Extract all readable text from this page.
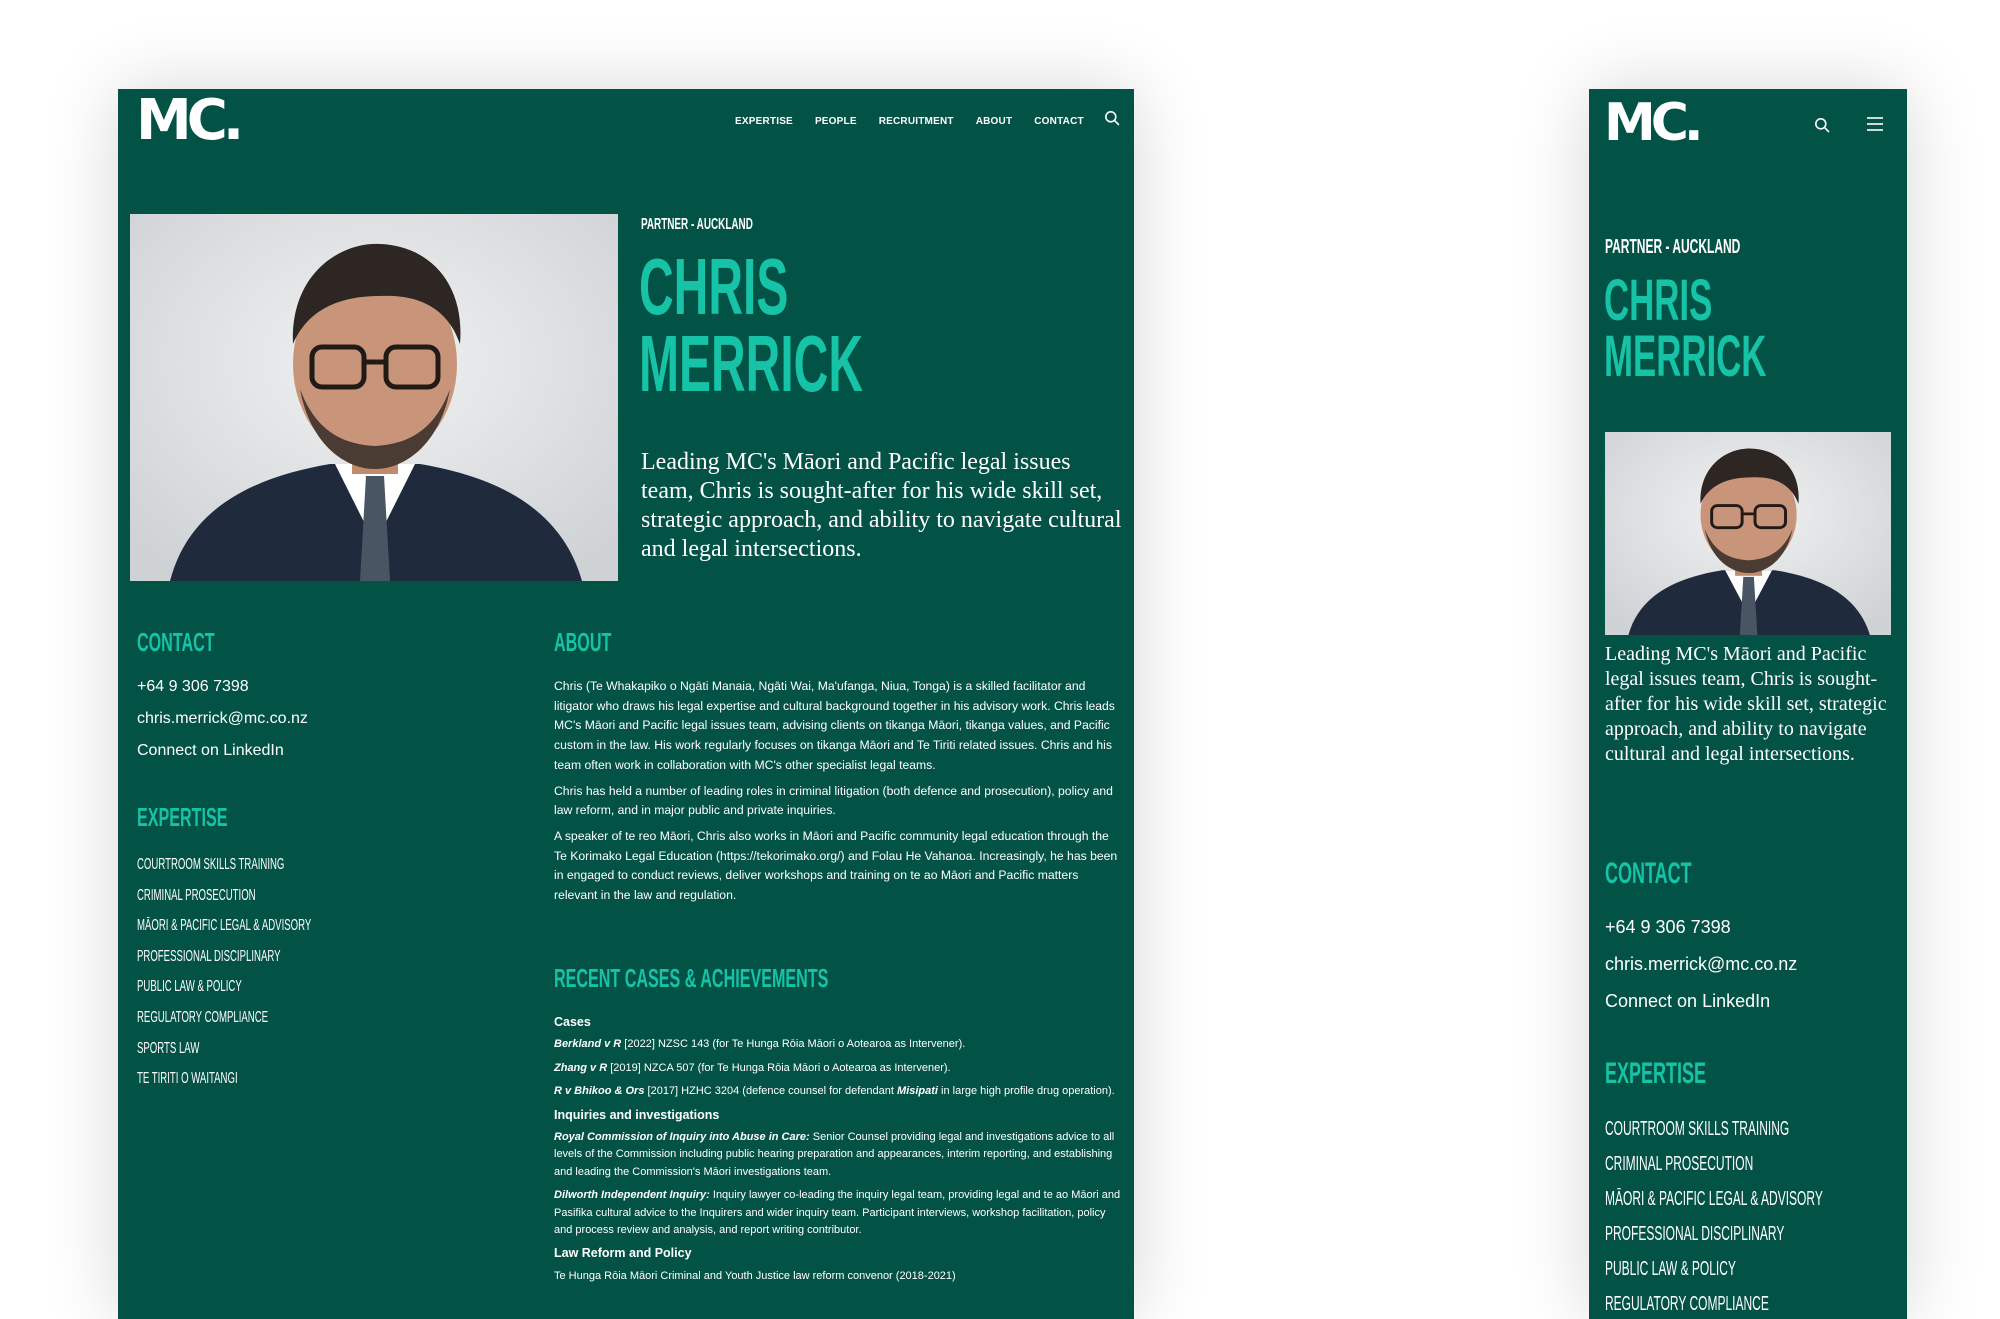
MC.	EXPERTISE PEOPLE RECRUITMENT ABOUT CONTACT
PARTNER - AUCKLAND
CHRIS
MERRICK

Leading MC's Māori and Pacific legal issues team, Chris is sought-after for his wide skill set, strategic approach, and ability to navigate cultural and legal intersections.

CONTACT
+64 9 306 7398
chris.merrick@mc.co.nz
Connect on LinkedIn
EXPERTISE
COURTROOM SKILLS TRAINING
CRIMINAL PROSECUTION
MĀORI & PACIFIC LEGAL & ADVISORY
PROFESSIONAL DISCIPLINARY
PUBLIC LAW & POLICY
REGULATORY COMPLIANCE
SPORTS LAW
TE TIRITI O WAITANGI
ABOUT

Chris (Te Whakapiko o Ngāti Manaia, Ngāti Wai, Ma'ufanga, Niua, Tonga) is a skilled facilitator and litigator who draws his legal expertise and cultural background together in his advisory work. Chris leads MC's Māori and Pacific legal issues team, advising clients on tikanga Māori, tikanga values, and Pacific custom in the law. His work regularly focuses on tikanga Māori and Te Tiriti related issues. Chris and his team often work in collaboration with MC's other specialist legal teams.

Chris has held a number of leading roles in criminal litigation (both defence and prosecution), policy and law reform, and in major public and private inquiries.

A speaker of te reo Māori, Chris also works in Māori and Pacific community legal education through the Te Korimako Legal Education (https://tekorimako.org/) and Folau He Vahanoa. Increasingly, he has been in engaged to conduct reviews, deliver workshops and training on te ao Māori and Pacific matters relevant in the law and regulation.

RECENT CASES & ACHIEVEMENTS

Cases

Berkland v R [2022] NZSC 143 (for Te Hunga Rōia Māori o Aotearoa as Intervener).

Zhang v R [2019] NZCA 507 (for Te Hunga Rōia Māori o Aotearoa as Intervener).

R v Bhikoo & Ors [2017] HZHC 3204 (defence counsel for defendant Misipati in large high profile drug operation).

Inquiries and investigations

Royal Commission of Inquiry into Abuse in Care: Senior Counsel providing legal and investigations advice to all levels of the Commission including public hearing preparation and appearances, interim reporting, and establishing and leading the Commission's Māori investigations team.

Dilworth Independent Inquiry: Inquiry lawyer co-leading the inquiry legal team, providing legal and te ao Māori and Pasifika cultural advice to the Inquirers and wider inquiry team. Participant interviews, workshop facilitation, policy and process review and analysis, and report writing contributor.

Law Reform and Policy

Te Hunga Rōia Māori Criminal and Youth Justice law reform convenor (2018-2021)

MC.
PARTNER - AUCKLAND
CHRIS
MERRICK

Leading MC's Māori and Pacific legal issues team, Chris is sought-after for his wide skill set, strategic approach, and ability to navigate cultural and legal intersections.

CONTACT
+64 9 306 7398
chris.merrick@mc.co.nz
Connect on LinkedIn
EXPERTISE
COURTROOM SKILLS TRAINING
CRIMINAL PROSECUTION
MĀORI & PACIFIC LEGAL & ADVISORY
PROFESSIONAL DISCIPLINARY
PUBLIC LAW & POLICY
REGULATORY COMPLIANCE
